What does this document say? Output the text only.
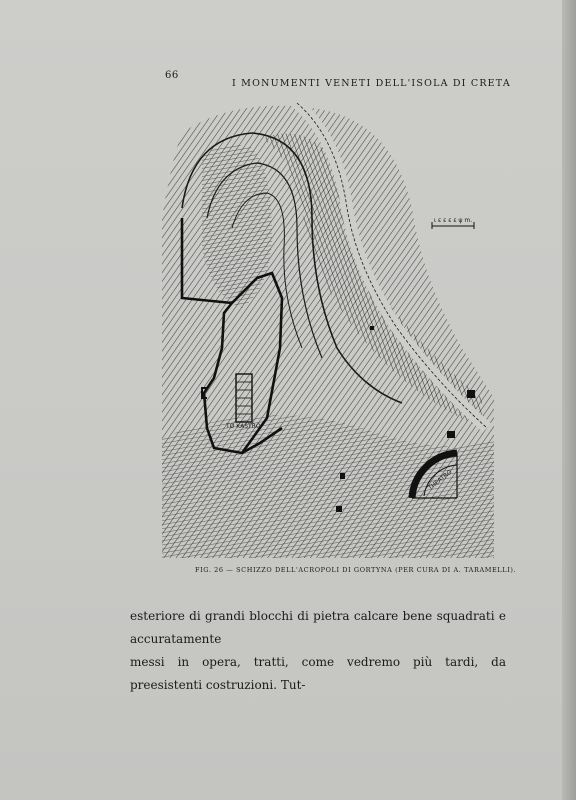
66
I MONUMENTI VENETI DELL'ISOLA DI CRETA
TO KASTRO
THEATRO
ι ε ε ε ε ψ m.
FIG. 26 — SCHIZZO DELL'ACROPOLI DI GORTYNA (PER CURA DI A. TARAMELLI).

esteriore di grandi blocchi di pietra calcare bene squadrati e accuratamente

messi in opera, tratti, come vedremo più tardi, da preesistenti costruzioni. Tut-
